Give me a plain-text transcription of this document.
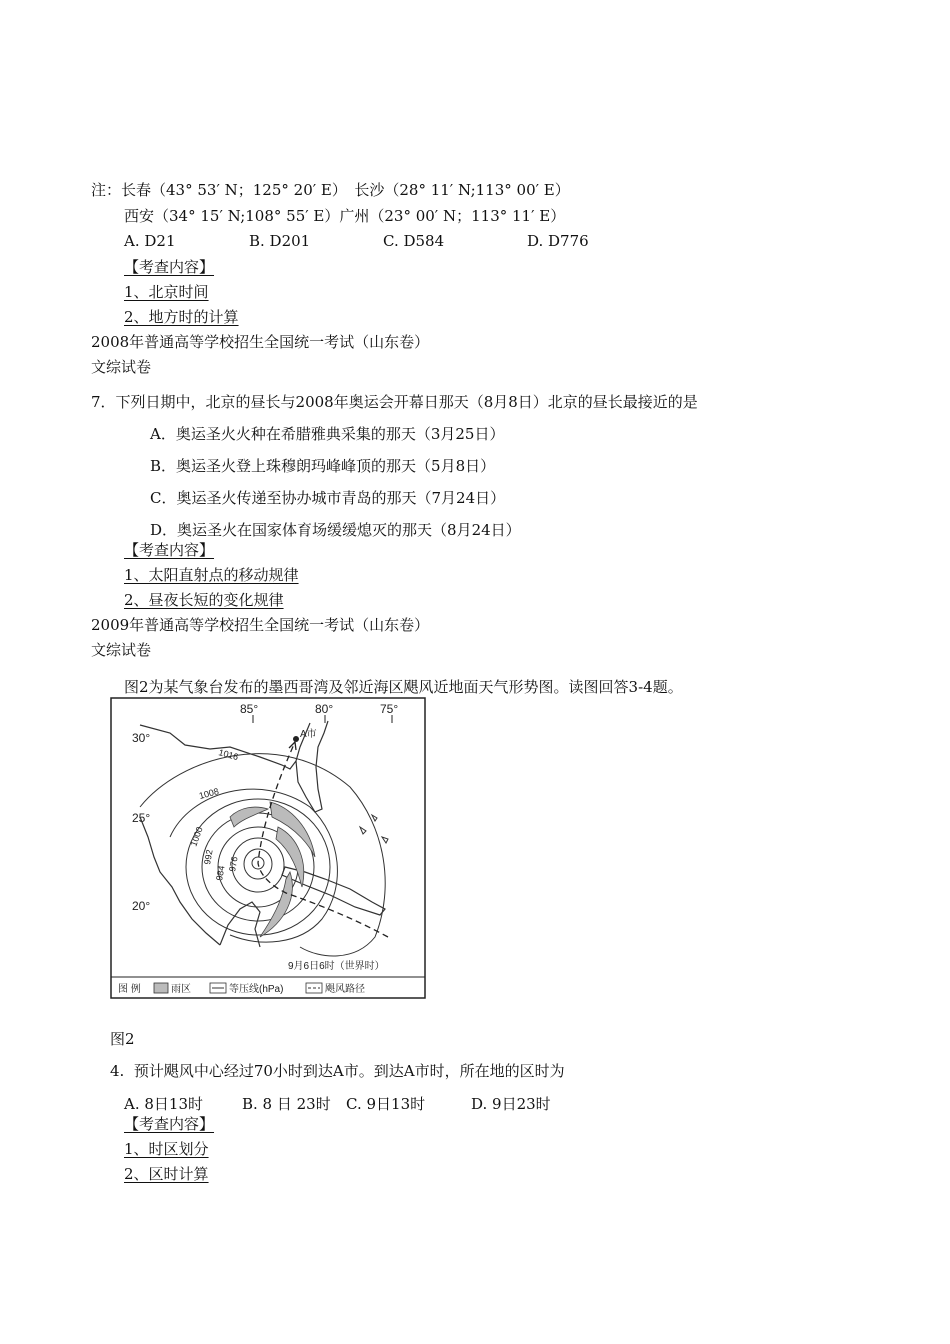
注：长春（43° 53′ N；125° 20′ E）　长沙（28° 11′ N;113° 00′ E）
西安（34° 15′ N;108° 55′ E）广州（23° 00′ N；113° 11′ E）
A. D21	B. D201	C. D584	D. D776
【考查内容】
1、北京时间
2、地方时的计算
2008年普通高等学校招生全国统一考试（山东卷）
文综试卷
7．下列日期中，北京的昼长与2008年奥运会开幕日那天（8月8日）北京的昼长最接近的是
A．奥运圣火火种在希腊雅典采集的那天（3月25日）
B．奥运圣火登上珠穆朗玛峰峰顶的那天（5月8日）
C．奥运圣火传递至协办城市青岛的那天（7月24日）
D．奥运圣火在国家体育场缓缓熄灭的那天（8月24日）
【考查内容】
1、太阳直射点的移动规律
2、昼夜长短的变化规律
2009年普通高等学校招生全国统一考试（山东卷）
文综试卷
图2为某气象台发布的墨西哥湾及邻近海区飓风近地面天气形势图。读图回答3-4题。
85°	80°	75°
30°
25°
20°
1016
1008
1000
992
984
976
A市
9月6日6时（世界时）
图 例	雨区	等压线(hPa)	飓风路径
图2
4.  预计飓风中心经过70小时到达A市。到达A市时，所在地的区时为
A. 8日13时	B. 8 日 23时 C. 9日13时	D. 9日23时
【考查内容】
1、时区划分
2、区时计算
